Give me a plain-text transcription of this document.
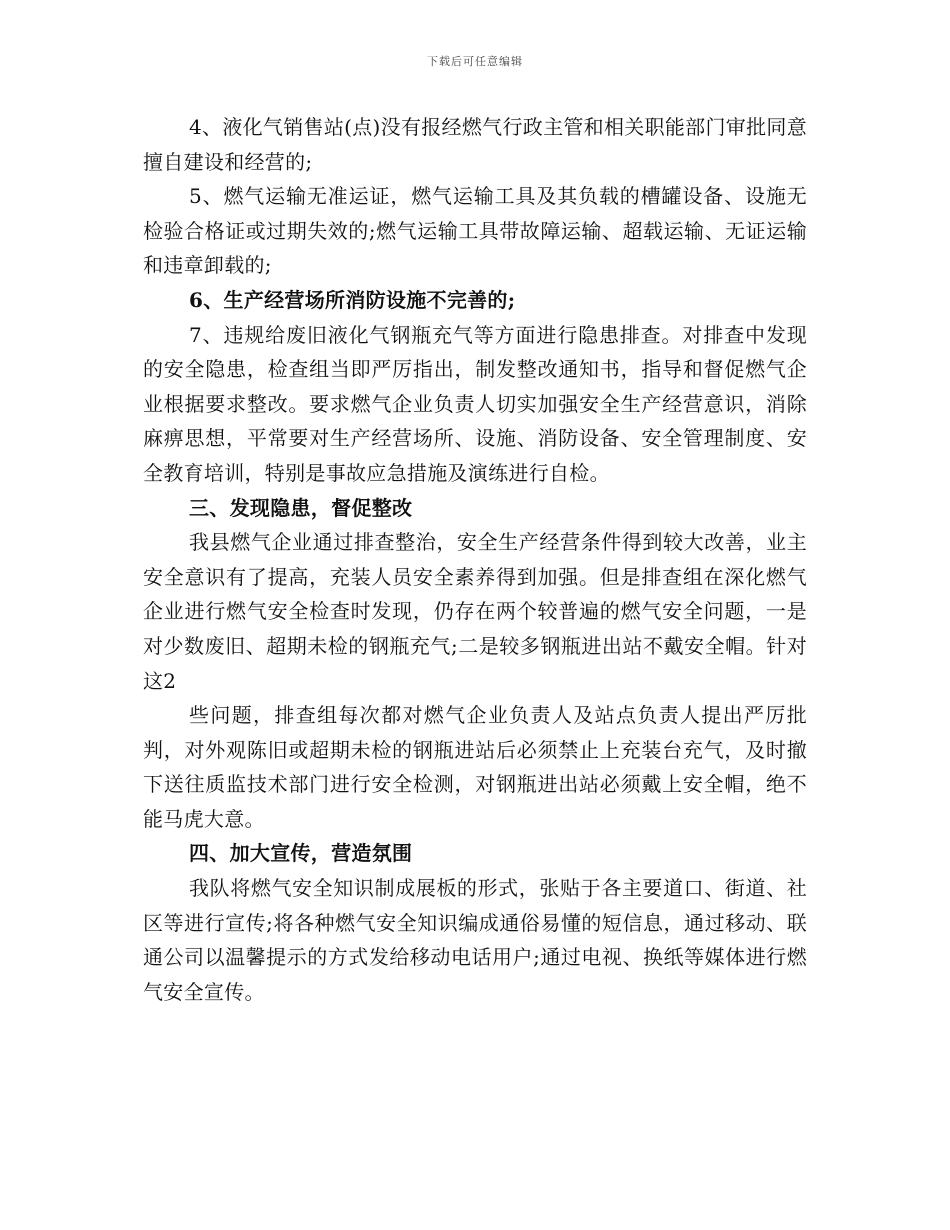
下载后可任意编辑

4、液化气销售站(点)没有报经燃气行政主管和相关职能部门审批同意擅自建设和经营的;

5、燃气运输无准运证，燃气运输工具及其负载的槽罐设备、设施无检验合格证或过期失效的;燃气运输工具带故障运输、超载运输、无证运输和违章卸载的;

6、生产经营场所消防设施不完善的;

7、违规给废旧液化气钢瓶充气等方面进行隐患排查。对排查中发现的安全隐患，检查组当即严厉指出，制发整改通知书，指导和督促燃气企业根据要求整改。要求燃气企业负责人切实加强安全生产经营意识，消除麻痹思想，平常要对生产经营场所、设施、消防设备、安全管理制度、安全教育培训，特别是事故应急措施及演练进行自检。

三、发现隐患，督促整改

我县燃气企业通过排查整治，安全生产经营条件得到较大改善，业主安全意识有了提高，充装人员安全素养得到加强。但是排查组在深化燃气企业进行燃气安全检查时发现，仍存在两个较普遍的燃气安全问题，一是对少数废旧、超期未检的钢瓶充气;二是较多钢瓶进出站不戴安全帽。针对这2

些问题，排查组每次都对燃气企业负责人及站点负责人提出严厉批判，对外观陈旧或超期未检的钢瓶进站后必须禁止上充装台充气，及时撤下送往质监技术部门进行安全检测，对钢瓶进出站必须戴上安全帽，绝不能马虎大意。

四、加大宣传，营造氛围

我队将燃气安全知识制成展板的形式，张贴于各主要道口、街道、社区等进行宣传;将各种燃气安全知识编成通俗易懂的短信息，通过移动、联通公司以温馨提示的方式发给移动电话用户;通过电视、换纸等媒体进行燃气安全宣传。
